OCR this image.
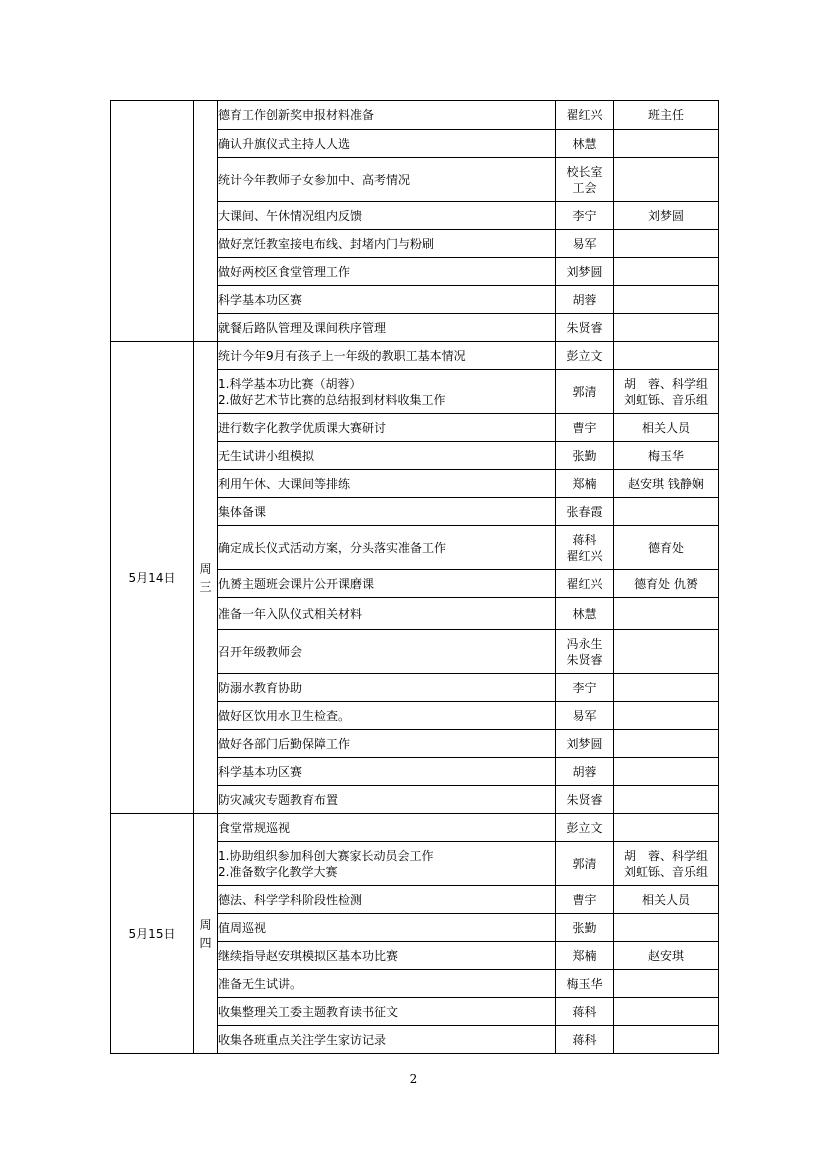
		德育工作创新奖申报材料准备	翟红兴	班主任

		确认升旗仪式主持人人选	林慧	

		统计今年教师子女参加中、高考情况	校长室
工会	

		大课间、午休情况组内反馈	李宁	刘梦圆

		做好烹饪教室接电布线、封堵内门与粉刷	易军	

		做好两校区食堂管理工作	刘梦圆	

		科学基本功区赛	胡蓉	

		就餐后路队管理及课间秩序管理	朱贤睿	

5月14日	周三	统计今年9月有孩子上一年级的教职工基本情况	彭立文	

		1.科学基本功比赛（胡蓉）
2.做好艺术节比赛的总结报到材料收集工作	郭清	胡　蓉、科学组
刘虹铄、音乐组

		进行数字化教学优质课大赛研讨	曹宇	相关人员

		无生试讲小组模拟	张勤	梅玉华

		利用午休、大课间等排练	郑楠	赵安琪 钱静娴

		集体备课	张春霞	

		确定成长仪式活动方案，分头落实准备工作	蒋科
翟红兴	德育处

		仇赟主题班会课片公开课磨课	翟红兴	德育处 仇赟

		准备一年入队仪式相关材料	林慧	

		召开年级教师会	冯永生
朱贤睿	

		防溺水教育协助	李宁	

		做好区饮用水卫生检查。	易军	

		做好各部门后勤保障工作	刘梦圆	

		科学基本功区赛	胡蓉	

		防灾减灾专题教育布置	朱贤睿	

5月15日	周四	食堂常规巡视	彭立文	

		1.协助组织参加科创大赛家长动员会工作
2.准备数字化教学大赛	郭清	胡　蓉、科学组
刘虹铄、音乐组

		德法、科学学科阶段性检测	曹宇	相关人员

		值周巡视	张勤	

		继续指导赵安琪模拟区基本功比赛	郑楠	赵安琪

		准备无生试讲。	梅玉华	

		收集整理关工委主题教育读书征文	蒋科	

		收集各班重点关注学生家访记录	蒋科	

2
